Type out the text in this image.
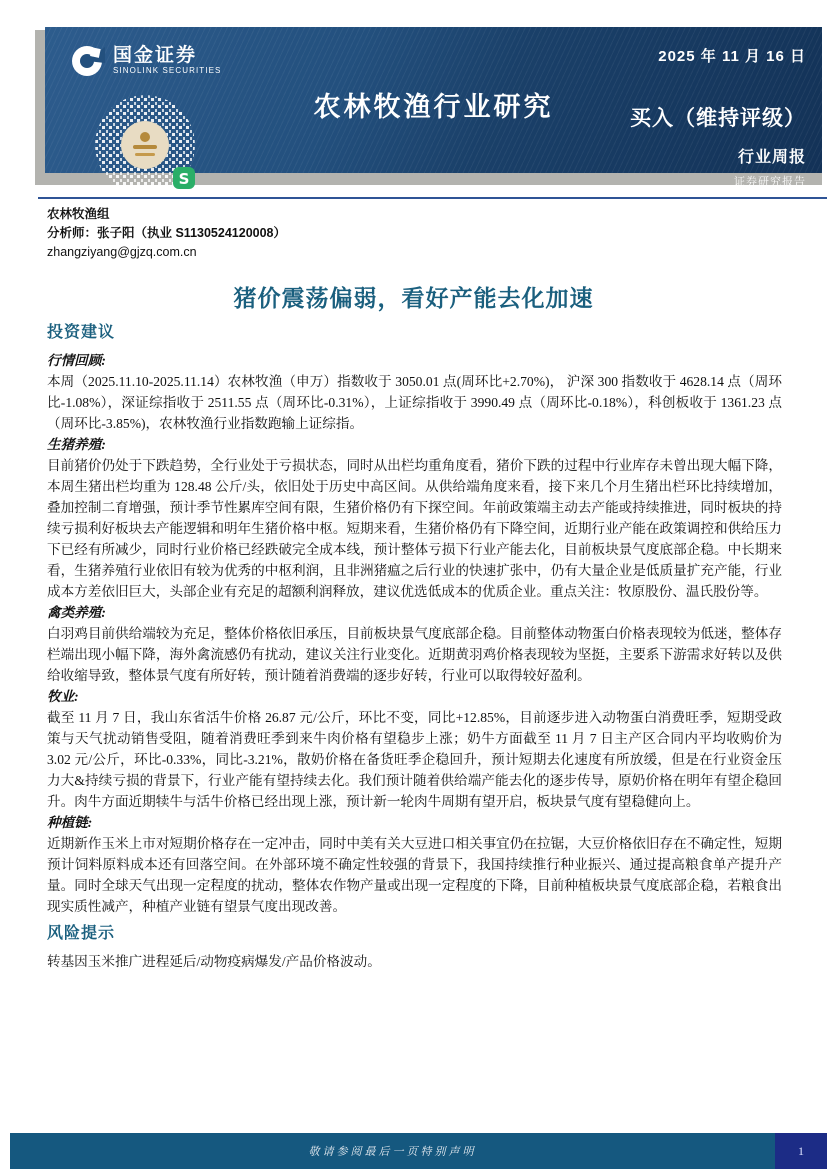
国金证券
SINOLINK SECURITIES
S
农林牧渔行业研究
2025 年 11 月 16 日
买入（维持评级）
行业周报
证券研究报告
农林牧渔组
分析师：张子阳（执业 S1130524120008）
zhangziyang@gjzq.com.cn
猪价震荡偏弱，看好产能去化加速
投资建议
行情回顾:

本周（2025.11.10-2025.11.14）农林牧渔（申万）指数收于 3050.01 点(周环比+2.70%)， 沪深 300 指数收于 4628.14 点（周环比-1.08%），深证综指收于 2511.55 点（周环比-0.31%），上证综指收于 3990.49 点（周环比-0.18%），科创板收于 1361.23 点（周环比-3.85%)，农林牧渔行业指数跑输上证综指。

生猪养殖:

目前猪价仍处于下跌趋势，全行业处于亏损状态，同时从出栏均重角度看，猪价下跌的过程中行业库存未曾出现大幅下降，本周生猪出栏均重为 128.48 公斤/头，依旧处于历史中高区间。从供给端角度来看，接下来几个月生猪出栏环比持续增加，叠加控制二育增强，预计季节性累库空间有限，生猪价格仍有下探空间。年前政策端主动去产能或持续推进，同时板块的持续亏损利好板块去产能逻辑和明年生猪价格中枢。短期来看，生猪价格仍有下降空间，近期行业产能在政策调控和供给压力下已经有所减少，同时行业价格已经跌破完全成本线，预计整体亏损下行业产能去化，目前板块景气度底部企稳。中长期来看，生猪养殖行业依旧有较为优秀的中枢利润，且非洲猪瘟之后行业的快速扩张中，仍有大量企业是低质量扩充产能，行业成本方差依旧巨大，头部企业有充足的超额利润释放，建议优选低成本的优质企业。重点关注：牧原股份、温氏股份等。

禽类养殖:

白羽鸡目前供给端较为充足，整体价格依旧承压，目前板块景气度底部企稳。目前整体动物蛋白价格表现较为低迷，整体存栏端出现小幅下降，海外禽流感仍有扰动，建议关注行业变化。近期黄羽鸡价格表现较为坚挺，主要系下游需求好转以及供给收缩导致，整体景气度有所好转，预计随着消费端的逐步好转，行业可以取得较好盈利。

牧业:

截至 11 月 7 日，我山东省活牛价格 26.87 元/公斤，环比不变，同比+12.85%，目前逐步进入动物蛋白消费旺季，短期受政策与天气扰动销售受阻，随着消费旺季到来牛肉价格有望稳步上涨；奶牛方面截至 11 月 7 日主产区合同内平均收购价为 3.02 元/公斤，环比-0.33%，同比-3.21%，散奶价格在备货旺季企稳回升，预计短期去化速度有所放缓，但是在行业资金压力大&持续亏损的背景下，行业产能有望持续去化。我们预计随着供给端产能去化的逐步传导，原奶价格在明年有望企稳回升。肉牛方面近期犊牛与活牛价格已经出现上涨，预计新一轮肉牛周期有望开启，板块景气度有望稳健向上。

种植链:

近期新作玉米上市对短期价格存在一定冲击，同时中美有关大豆进口相关事宜仍在拉锯，大豆价格依旧存在不确定性，短期预计饲料原料成本还有回落空间。在外部环境不确定性较强的背景下，我国持续推行种业振兴、通过提高粮食单产提升产量。同时全球天气出现一定程度的扰动，整体农作物产量或出现一定程度的下降，目前种植板块景气度底部企稳，若粮食出现实质性减产，种植产业链有望景气度出现改善。

风险提示

转基因玉米推广进程延后/动物疫病爆发/产品价格波动。

敬请参阅最后一页特别声明	1
